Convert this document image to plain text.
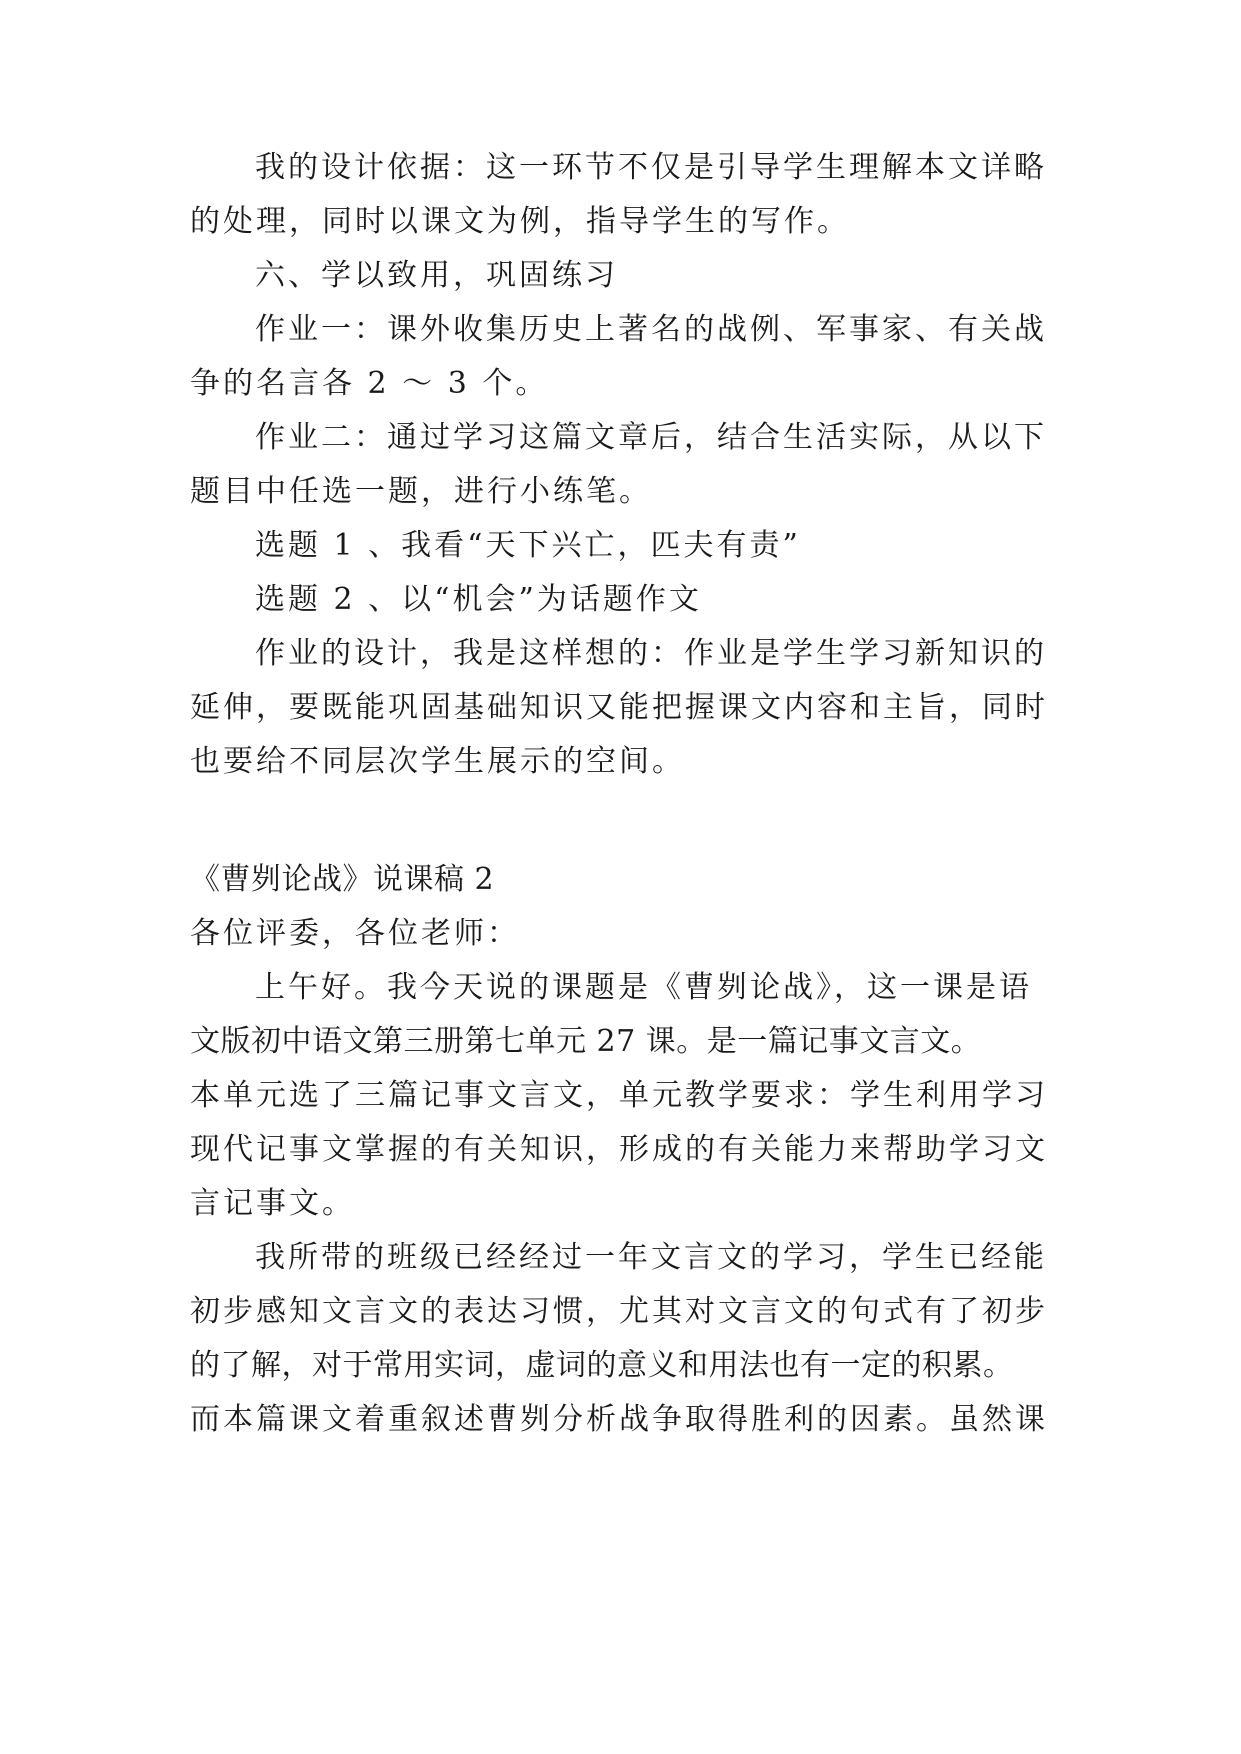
我的设计依据：这一环节不仅是引导学生理解本文详略
的处理，同时以课文为例，指导学生的写作。
六、学以致用，巩固练习
作业一：课外收集历史上著名的战例、军事家、有关战
争的名言各 2 ～ 3 个。
作业二：通过学习这篇文章后，结合生活实际，从以下
题目中任选一题，进行小练笔。
选题 1 、我看“天下兴亡，匹夫有责”
选题 2 、以“机会”为话题作文
作业的设计，我是这样想的：作业是学生学习新知识的
延伸，要既能巩固基础知识又能把握课文内容和主旨，同时
也要给不同层次学生展示的空间。
《曹刿论战》说课稿 2
各位评委，各位老师：
上午好。我今天说的课题是《曹刿论战》，这一课是语
文版初中语文第三册第七单元 27 课。是一篇记事文言文。
本单元选了三篇记事文言文，单元教学要求：学生利用学习
现代记事文掌握的有关知识，形成的有关能力来帮助学习文
言记事文。
我所带的班级已经经过一年文言文的学习，学生已经能
初步感知文言文的表达习惯，尤其对文言文的句式有了初步
的了解，对于常用实词，虚词的意义和用法也有一定的积累。
而本篇课文着重叙述曹刿分析战争取得胜利的因素。虽然课
